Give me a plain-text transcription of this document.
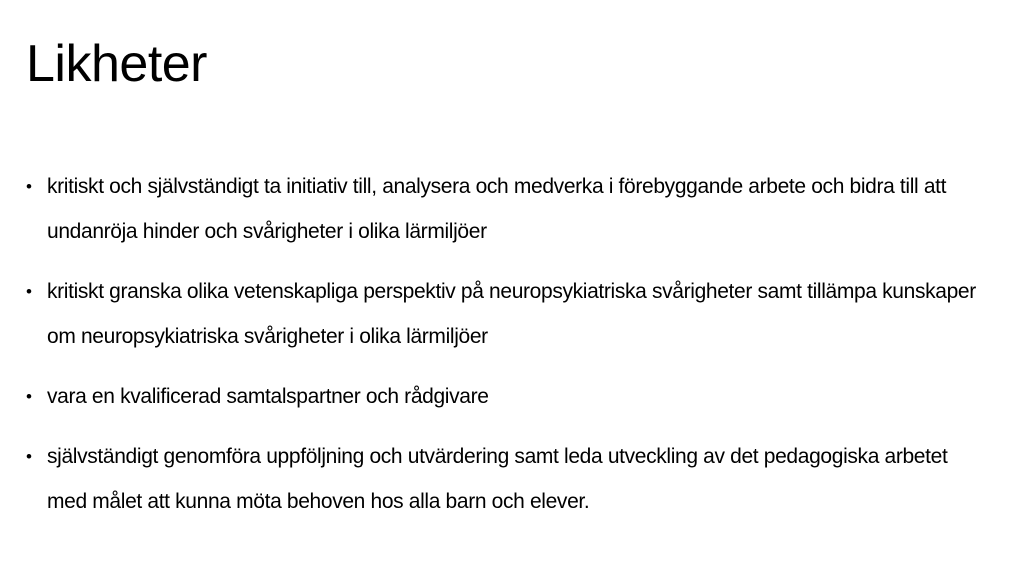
Likheter
• kritiskt och självständigt ta initiativ till, analysera och medverka i förebyggande arbete och bidra till att undanröja hinder och svårigheter i olika lärmiljöer
• kritiskt granska olika vetenskapliga perspektiv på neuropsykiatriska svårigheter samt tillämpa kunskaper om neuropsykiatriska svårigheter i olika lärmiljöer
• vara en kvalificerad samtalspartner och rådgivare
• självständigt genomföra uppföljning och utvärdering samt leda utveckling av det pedagogiska arbetet med målet att kunna möta behoven hos alla barn och elever.
